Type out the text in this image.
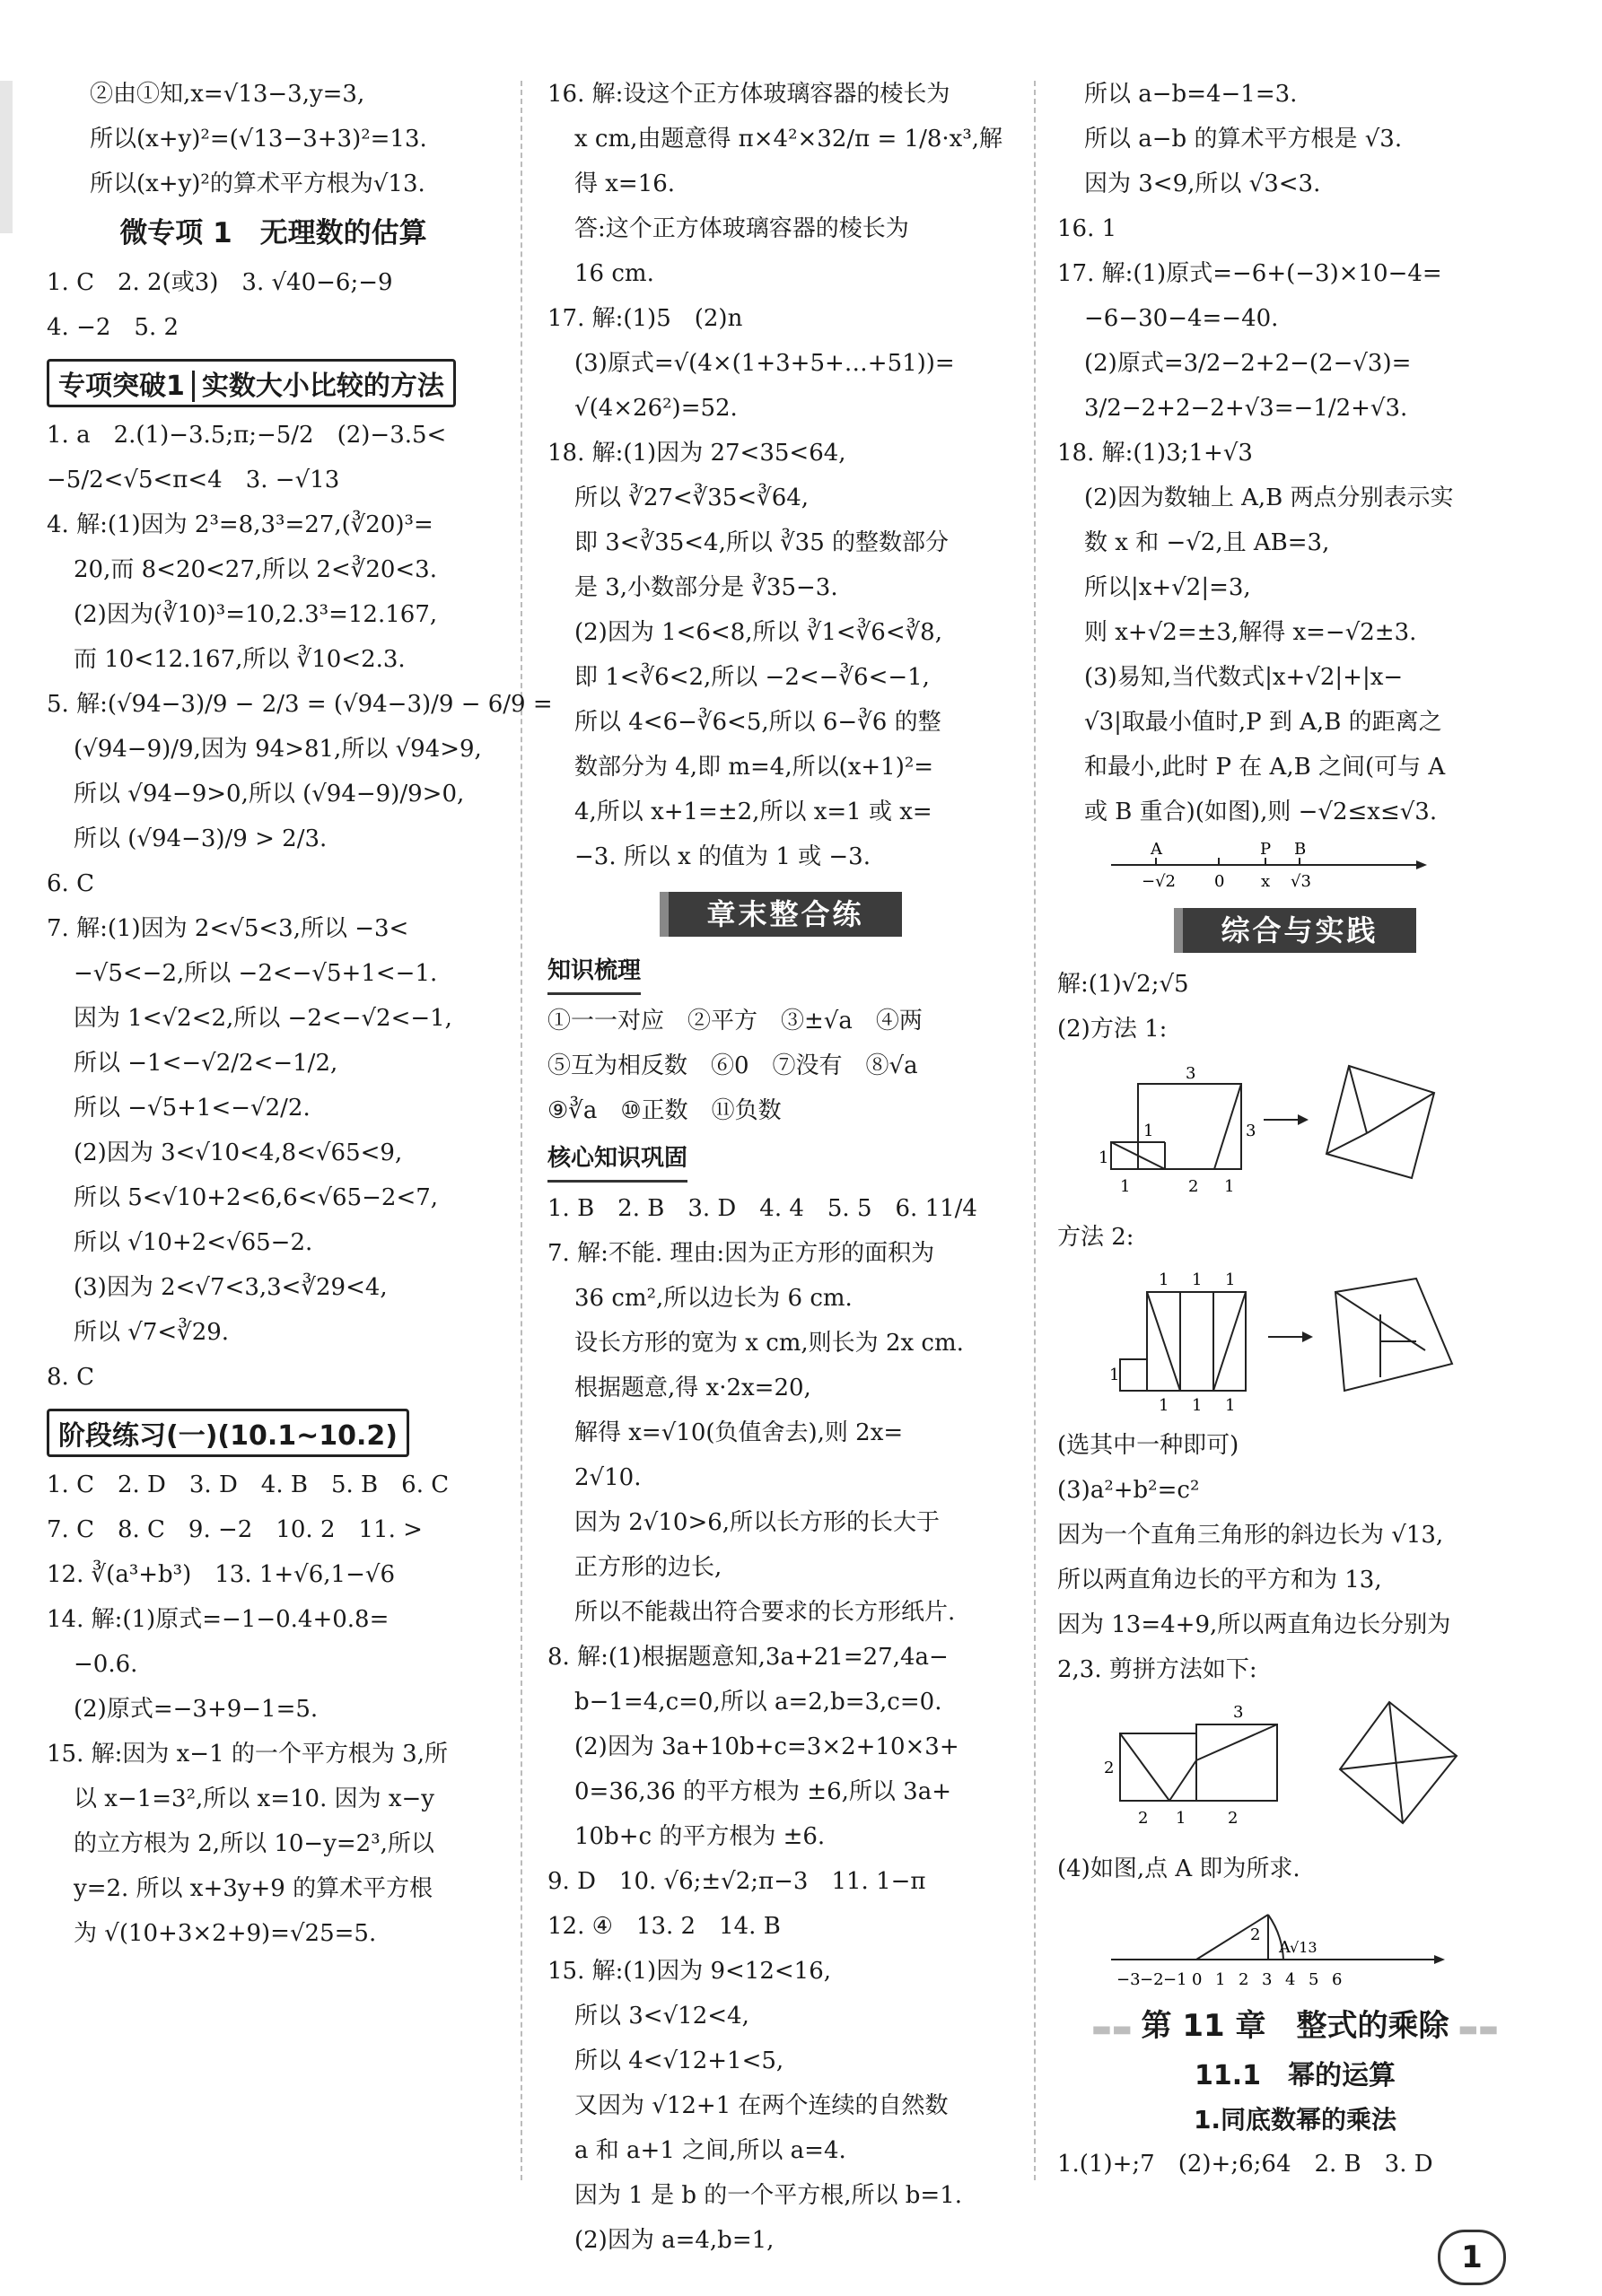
②由①知,x=√13−3,y=3,
所以(x+y)²=(√13−3+3)²=13.
所以(x+y)²的算术平方根为√13.
微专项 1　无理数的估算
1. C　2. 2(或3)　3. √40−6;−9
4. −2　5. 2
专项突破1 实数大小比较的方法
1. a　2.(1)−3.5;π;−5/2　(2)−3.5<
−5/2<√5<π<4　3. −√13
4. 解:(1)因为 2³=8,3³=27,(∛20)³=
20,而 8<20<27,所以 2<∛20<3.
(2)因为(∛10)³=10,2.3³=12.167,
而 10<12.167,所以 ∛10<2.3.
5. 解:(√94−3)/9 − 2/3 = (√94−3)/9 − 6/9 =
(√94−9)/9,因为 94>81,所以 √94>9,
所以 √94−9>0,所以 (√94−9)/9>0,
所以 (√94−3)/9 > 2/3.
6. C
7. 解:(1)因为 2<√5<3,所以 −3<
−√5<−2,所以 −2<−√5+1<−1.
因为 1<√2<2,所以 −2<−√2<−1,
所以 −1<−√2/2<−1/2,
所以 −√5+1<−√2/2.
(2)因为 3<√10<4,8<√65<9,
所以 5<√10+2<6,6<√65−2<7,
所以 √10+2<√65−2.
(3)因为 2<√7<3,3<∛29<4,
所以 √7<∛29.
8. C
阶段练习(一)(10.1~10.2)
1. C　2. D　3. D　4. B　5. B　6. C
7. C　8. C　9. −2　10. 2　11. >
12. ∛(a³+b³)　13. 1+√6,1−√6
14. 解:(1)原式=−1−0.4+0.8=
−0.6.
(2)原式=−3+9−1=5.
15. 解:因为 x−1 的一个平方根为 3,所
以 x−1=3²,所以 x=10. 因为 x−y
的立方根为 2,所以 10−y=2³,所以
y=2. 所以 x+3y+9 的算术平方根
为 √(10+3×2+9)=√25=5.
16. 解:设这个正方体玻璃容器的棱长为
x cm,由题意得 π×4²×32/π = 1/8·x³,解
得 x=16.
答:这个正方体玻璃容器的棱长为
16 cm.
17. 解:(1)5　(2)n
(3)原式=√(4×(1+3+5+…+51))=
√(4×26²)=52.
18. 解:(1)因为 27<35<64,
所以 ∛27<∛35<∛64,
即 3<∛35<4,所以 ∛35 的整数部分
是 3,小数部分是 ∛35−3.
(2)因为 1<6<8,所以 ∛1<∛6<∛8,
即 1<∛6<2,所以 −2<−∛6<−1,
所以 4<6−∛6<5,所以 6−∛6 的整
数部分为 4,即 m=4,所以(x+1)²=
4,所以 x+1=±2,所以 x=1 或 x=
−3. 所以 x 的值为 1 或 −3.
章末整合练
知识梳理
①一一对应　②平方　③±√a　④两
⑤互为相反数　⑥0　⑦没有　⑧√a
⑨∛a　⑩正数　⑪负数
核心知识巩固
1. B　2. B　3. D　4. 4　5. 5　6. 11/4
7. 解:不能. 理由:因为正方形的面积为
36 cm²,所以边长为 6 cm.
设长方形的宽为 x cm,则长为 2x cm.
根据题意,得 x·2x=20,
解得 x=√10(负值舍去),则 2x=
2√10.
因为 2√10>6,所以长方形的长大于
正方形的边长,
所以不能裁出符合要求的长方形纸片.
8. 解:(1)根据题意知,3a+21=27,4a−
b−1=4,c=0,所以 a=2,b=3,c=0.
(2)因为 3a+10b+c=3×2+10×3+
0=36,36 的平方根为 ±6,所以 3a+
10b+c 的平方根为 ±6.
9. D　10. √6;±√2;π−3　11. 1−π
12. ④　13. 2　14. B
15. 解:(1)因为 9<12<16,
所以 3<√12<4,
所以 4<√12+1<5,
又因为 √12+1 在两个连续的自然数
a 和 a+1 之间,所以 a=4.
因为 1 是 b 的一个平方根,所以 b=1.
(2)因为 a=4,b=1,
所以 a−b=4−1=3.
所以 a−b 的算术平方根是 √3.
因为 3<9,所以 √3<3.
16. 1
17. 解:(1)原式=−6+(−3)×10−4=
−6−30−4=−40.
(2)原式=3/2−2+2−(2−√3)=
3/2−2+2−2+√3=−1/2+√3.
18. 解:(1)3;1+√3
(2)因为数轴上 A,B 两点分别表示实
数 x 和 −√2,且 AB=3,
所以|x+√2|=3,
则 x+√2=±3,解得 x=−√2±3.
(3)易知,当代数式|x+√2|+|x−
√3|取最小值时,P 到 A,B 的距离之
和最小,此时 P 在 A,B 之间(可与 A
或 B 重合)(如图),则 −√2≤x≤√3.
A	P B
−√2 0 x √3
综合与实践
解:(1)√2;√5
(2)方法 1:
3
1	3
1
1	2 1
方法 2:
1 1 1
1
1 1 1
(选其中一种即可)
(3)a²+b²=c²
因为一个直角三角形的斜边长为 √13,
所以两直角边长的平方和为 13,
因为 13=4+9,所以两直角边长分别为
2,3. 剪拼方法如下:
3
2
2 1	2
(4)如图,点 A 即为所求.
2
A √13
−3 −2 −1 0 1 2 3 4 5 6
▬▬ 第 11 章　整式的乘除 ▬▬
11.1　幂的运算
1.同底数幂的乘法
1.(1)+;7　(2)+;6;64　2. B　3. D
1
